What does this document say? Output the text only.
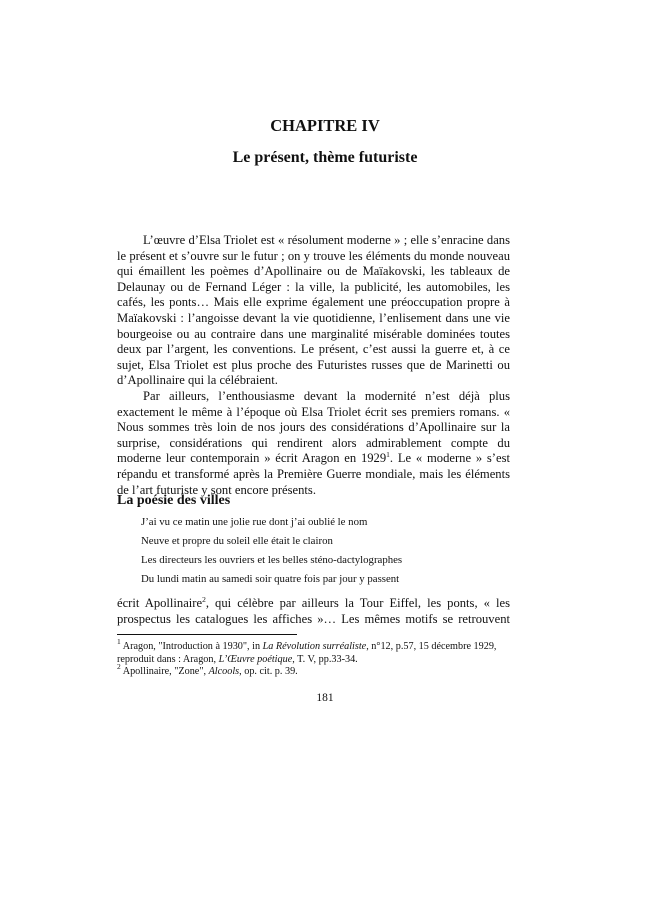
CHAPITRE IV
Le présent, thème futuriste

L’œuvre d’Elsa Triolet est « résolument moderne » ; elle s’enracine dans le présent et s’ouvre sur le futur ; on y trouve les éléments du monde nouveau qui émaillent les poèmes d’Apollinaire ou de Maïakovski, les tableaux de Delaunay ou de Fernand Léger : la ville, la publicité, les automobiles, les cafés, les ponts… Mais elle exprime également une préoccupation propre à Maïakovski : l’angoisse devant la vie quotidienne, l’enlisement dans une vie bourgeoise ou au contraire dans une marginalité misérable dominées toutes deux par l’argent, les conventions. Le présent, c’est aussi la guerre et, à ce sujet, Elsa Triolet est plus proche des Futuristes russes que de Marinetti ou d’Apollinaire qui la célébraient.

Par ailleurs, l’enthousiasme devant la modernité n’est déjà plus exactement le même à l’époque où Elsa Triolet écrit ses premiers romans. « Nous sommes très loin de nos jours des considérations d’Apollinaire sur la surprise, considérations qui rendirent alors admirablement compte du moderne leur contemporain » écrit Aragon en 1929$^1$. Le « moderne » s’est répandu et transformé après la Première Guerre mondiale, mais les éléments de l’art futuriste y sont encore présents.

La poésie des villes
J’ai vu ce matin une jolie rue dont j’ai oublié le nom
Neuve et propre du soleil elle était le clairon
Les directeurs les ouvriers et les belles sténo-dactylographes
Du lundi matin au samedi soir quatre fois par jour y passent
écrit Apollinaire$^2$, qui célèbre par ailleurs la Tour Eiffel, les ponts, « les prospectus les catalogues les affiches »… Les mêmes motifs se retrouvent
$^1$ Aragon, "Introduction à 1930", in La Révolution surréaliste, n°12, p.57, 15 décembre 1929, reproduit dans : Aragon, L’Œuvre poétique, T. V, pp.33-34.
$^2$ Apollinaire, "Zone", Alcools, op. cit. p. 39.
181
